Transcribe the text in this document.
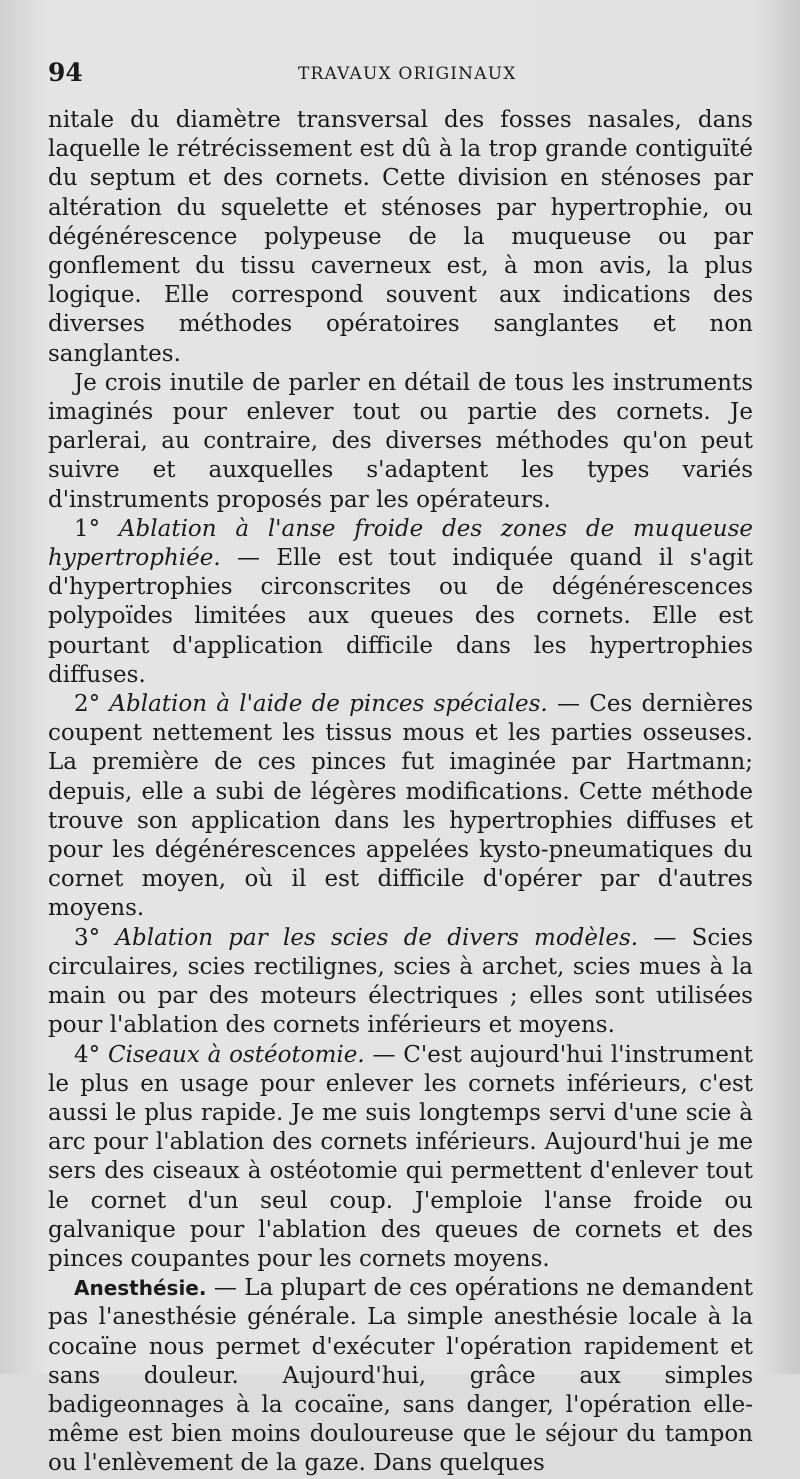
94	TRAVAUX ORIGINAUX

nitale du diamètre transversal des fosses nasales, dans laquelle le rétrécissement est dû à la trop grande contiguïté du septum et des cornets. Cette division en sténoses par altération du squelette et sténoses par hypertrophie, ou dégénérescence polypeuse de la muqueuse ou par gonflement du tissu caverneux est, à mon avis, la plus logique. Elle correspond souvent aux indications des diverses méthodes opératoires sanglantes et non sanglantes.

Je crois inutile de parler en détail de tous les instruments imaginés pour enlever tout ou partie des cornets. Je parlerai, au contraire, des diverses méthodes qu'on peut suivre et auxquelles s'adaptent les types variés d'instruments proposés par les opérateurs.

1° Ablation à l'anse froide des zones de muqueuse hypertrophiée. — Elle est tout indiquée quand il s'agit d'hypertrophies circonscrites ou de dégénérescences polypoïdes limitées aux queues des cornets. Elle est pourtant d'application difficile dans les hypertrophies diffuses.

2° Ablation à l'aide de pinces spéciales. — Ces dernières coupent nettement les tissus mous et les parties osseuses. La première de ces pinces fut imaginée par Hartmann; depuis, elle a subi de légères modifications. Cette méthode trouve son application dans les hypertrophies diffuses et pour les dégénérescences appelées kysto-pneumatiques du cornet moyen, où il est difficile d'opérer par d'autres moyens.

3° Ablation par les scies de divers modèles. — Scies circulaires, scies rectilignes, scies à archet, scies mues à la main ou par des moteurs électriques ; elles sont utilisées pour l'ablation des cornets inférieurs et moyens.

4° Ciseaux à ostéotomie. — C'est aujourd'hui l'instrument le plus en usage pour enlever les cornets inférieurs, c'est aussi le plus rapide. Je me suis longtemps servi d'une scie à arc pour l'ablation des cornets inférieurs. Aujourd'hui je me sers des ciseaux à ostéotomie qui permettent d'enlever tout le cornet d'un seul coup. J'emploie l'anse froide ou galvanique pour l'ablation des queues de cornets et des pinces coupantes pour les cornets moyens.

Anesthésie. — La plupart de ces opérations ne demandent pas l'anesthésie générale. La simple anesthésie locale à la cocaïne nous permet d'exécuter l'opération rapidement et sans douleur. Aujourd'hui, grâce aux simples badigeonnages à la cocaïne, sans danger, l'opération elle-même est bien moins douloureuse que le séjour du tampon ou l'enlèvement de la gaze. Dans quelques
